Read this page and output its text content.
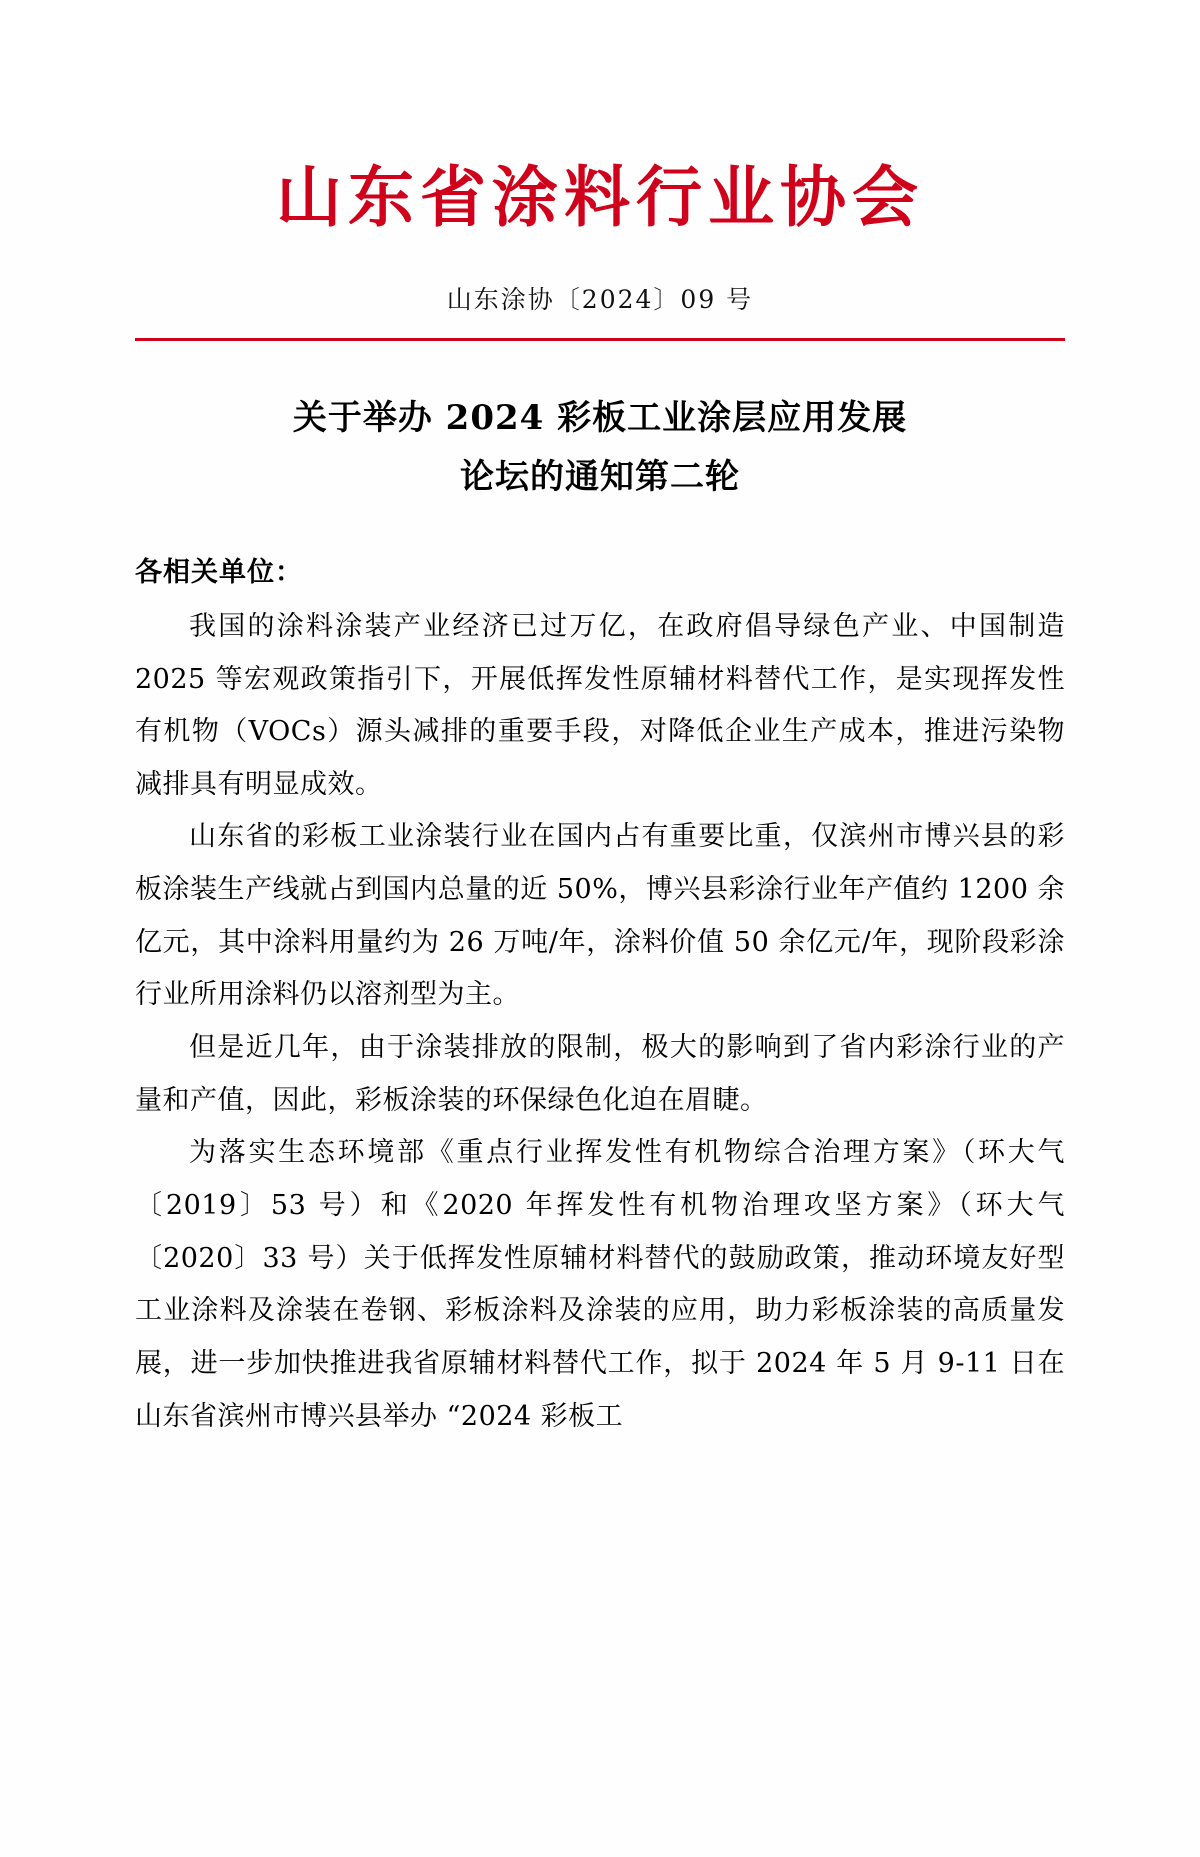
山东省涂料行业协会
山东涂协〔2024〕09 号
关于举办 2024 彩板工业涂层应用发展
论坛的通知第二轮
各相关单位：

我国的涂料涂装产业经济已过万亿，在政府倡导绿色产业、中国制造 2025 等宏观政策指引下，开展低挥发性原辅材料替代工作，是实现挥发性有机物（VOCs）源头减排的重要手段，对降低企业生产成本，推进污染物减排具有明显成效。

山东省的彩板工业涂装行业在国内占有重要比重，仅滨州市博兴县的彩板涂装生产线就占到国内总量的近 50%，博兴县彩涂行业年产值约 1200 余亿元，其中涂料用量约为 26 万吨/年，涂料价值 50 余亿元/年，现阶段彩涂行业所用涂料仍以溶剂型为主。

但是近几年，由于涂装排放的限制，极大的影响到了省内彩涂行业的产量和产值，因此，彩板涂装的环保绿色化迫在眉睫。

为落实生态环境部《重点行业挥发性有机物综合治理方案》（环大气〔2019〕53 号）和《2020 年挥发性有机物治理攻坚方案》（环大气〔2020〕33 号）关于低挥发性原辅材料替代的鼓励政策，推动环境友好型工业涂料及涂装在卷钢、彩板涂料及涂装的应用，助力彩板涂装的高质量发展，进一步加快推进我省原辅材料替代工作，拟于 2024 年 5 月 9-11 日在山东省滨州市博兴县举办 “2024 彩板工
